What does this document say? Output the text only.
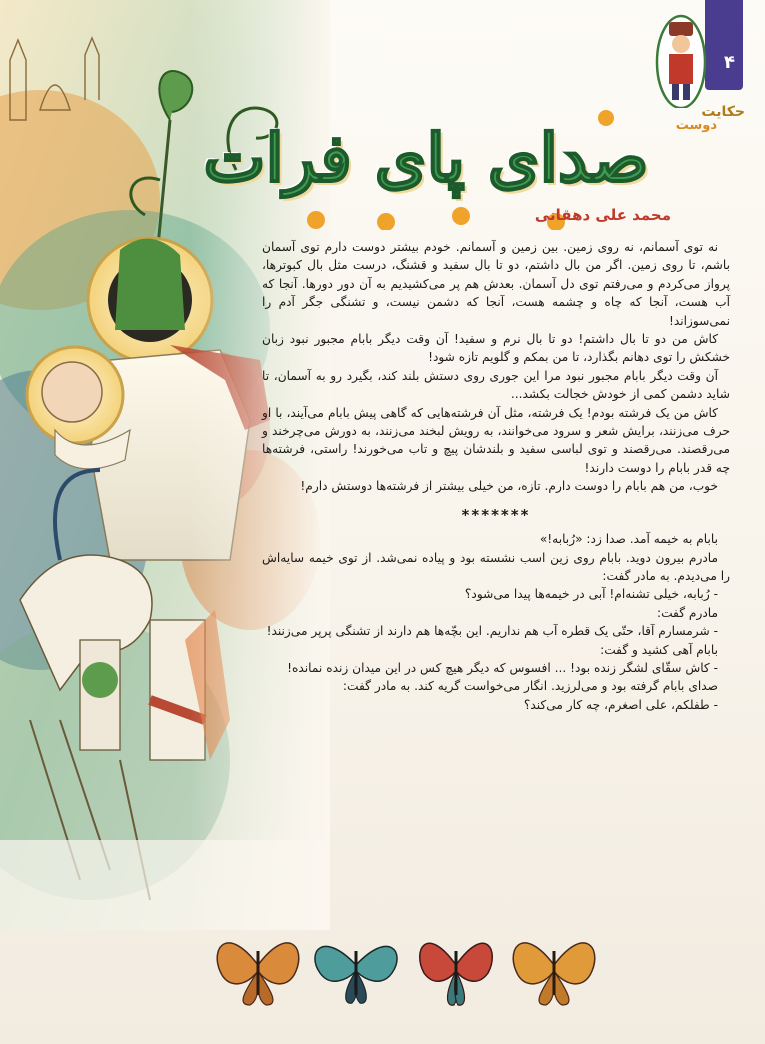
۴
حکایت
دوست
صدای پای فرات
محمد علی دهقانی

نه توی آسمانم، نه روی زمین. بین زمین و آسمانم. خودم بیشتر دوست دارم توی آسمان باشم، تا روی زمین. اگر من بال داشتم، دو تا بال سفید و قشنگ، درست مثل بال کبوترها، پرواز می‌کردم و می‌رفتم توی دل آسمان. بعدش هم پر می‌کشیدیم به آن دور دورها. آنجا که آب هست، آنجا که چاه و چشمه هست، آنجا که دشمن نیست، و تشنگی جگر آدم را نمی‌سوزاند!

کاش من دو تا بال داشتم! دو تا بال نرم و سفید! آن وقت دیگر بابام مجبور نبود زبان خشکش را توی دهانم بگذارد، تا من بمکم و گلویم تازه شود!

آن وقت دیگر بابام مجبور نبود مرا این جوری روی دستش بلند کند، بگیرد رو به آسمان، تا شاید دشمن کمی از خودش خجالت بکشد...

کاش من یک فرشته بودم! یک فرشته، مثل آن فرشته‌هایی که گاهی پیش بابام می‌آیند، با او حرف می‌زنند، برایش شعر و سرود می‌خوانند، به رویش لبخند می‌زنند، به دورش می‌چرخند و می‌رقصند. می‌رقصند و توی لباسی سفید و بلندشان پیچ و تاب می‌خورند! راستی، فرشته‌ها چه قدر بابام را دوست دارند!

خوب، من هم بابام را دوست دارم. تازه، من خیلی بیشتر از فرشته‌ها دوستش دارم!

*******

بابام به خیمه آمد. صدا زد: «رُبابه!»

مادرم بیرون دوید. بابام روی زین اسب نشسته بود و پیاده نمی‌شد. از توی خیمه سایه‌اش را می‌دیدم. به مادر گفت:

- رُبابه، خیلی تشنه‌ام! آبی در خیمه‌ها پیدا می‌شود؟

مادرم گفت:

- شرمسارم آقا، حتّی یک قطره آب هم نداریم. این بچّه‌ها هم دارند از تشنگی پرپر می‌زنند!

بابام آهی کشید و گفت:

- کاش سقّای لشگر زنده بود! ... افسوس که دیگر هیچ کس در این میدان زنده نمانده!

صدای بابام گرفته بود و می‌لرزید. انگار می‌خواست گریه کند. به مادر گفت:

- طفلکم، علی اصغرم، چه کار می‌کند؟
